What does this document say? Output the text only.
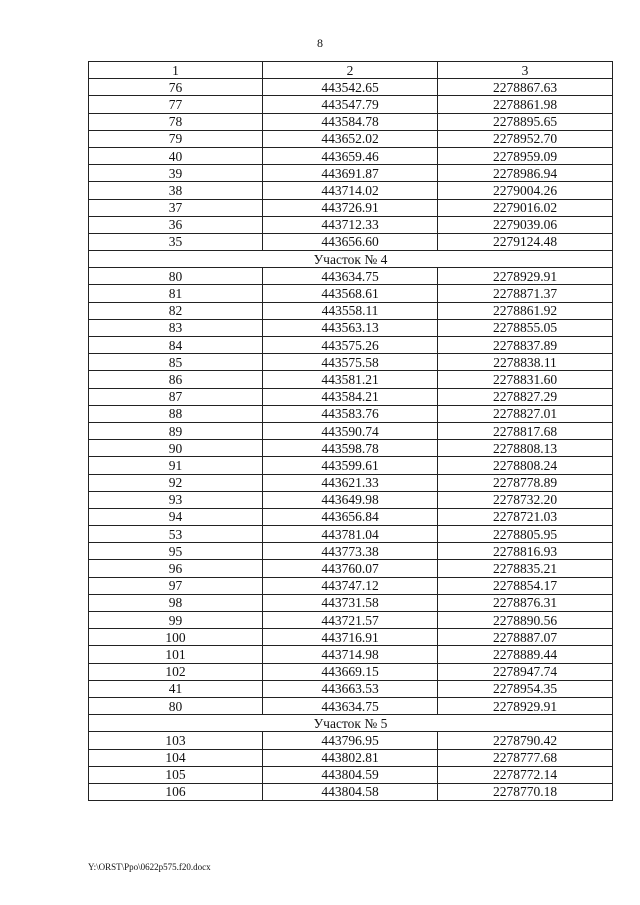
8
1	2	3
76	443542.65	2278867.63
77	443547.79	2278861.98
78	443584.78	2278895.65
79	443652.02	2278952.70
40	443659.46	2278959.09
39	443691.87	2278986.94
38	443714.02	2279004.26
37	443726.91	2279016.02
36	443712.33	2279039.06
35	443656.60	2279124.48
Участок № 4		
80	443634.75	2278929.91
81	443568.61	2278871.37
82	443558.11	2278861.92
83	443563.13	2278855.05
84	443575.26	2278837.89
85	443575.58	2278838.11
86	443581.21	2278831.60
87	443584.21	2278827.29
88	443583.76	2278827.01
89	443590.74	2278817.68
90	443598.78	2278808.13
91	443599.61	2278808.24
92	443621.33	2278778.89
93	443649.98	2278732.20
94	443656.84	2278721.03
53	443781.04	2278805.95
95	443773.38	2278816.93
96	443760.07	2278835.21
97	443747.12	2278854.17
98	443731.58	2278876.31
99	443721.57	2278890.56
100	443716.91	2278887.07
101	443714.98	2278889.44
102	443669.15	2278947.74
41	443663.53	2278954.35
80	443634.75	2278929.91
Участок № 5		
103	443796.95	2278790.42
104	443802.81	2278777.68
105	443804.59	2278772.14
106	443804.58	2278770.18
Y:\ORST\Ppo\0622p575.f20.docx
